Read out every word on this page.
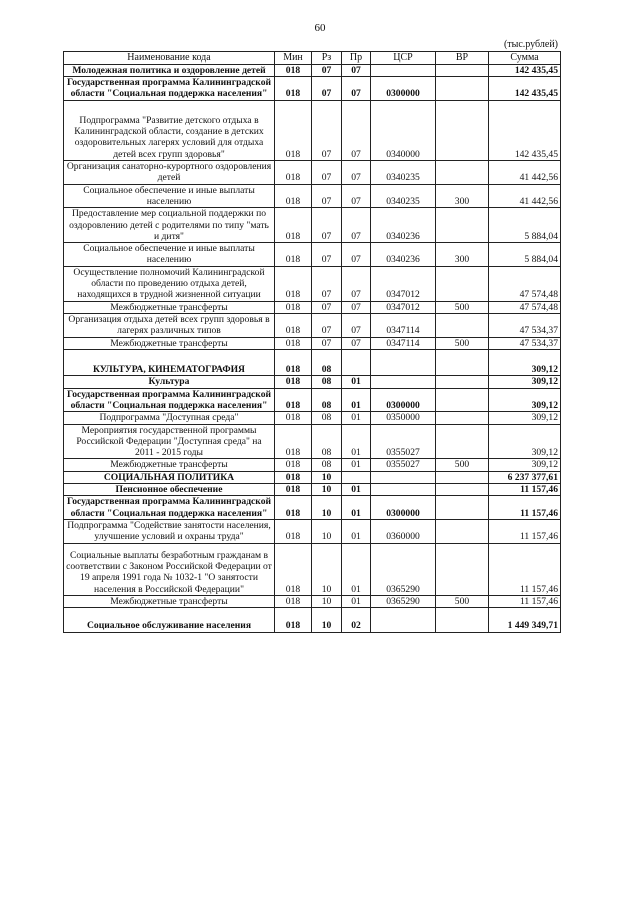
60
(тыс.рублей)
Наименование кода	Мин	Рз	Пр	ЦСР	ВР	Сумма

Молодежная политика и оздоровление детей	018	07	07			142 435,45

Государственная программа Калининградской области "Социальная поддержка населения"	018	07	07	0300000		142 435,45

Подпрограмма "Развитие детского отдыха в Калининградской области, создание в детских оздоровительных лагерях условий для отдыха детей всех групп здоровья"	018	07	07	0340000		142 435,45

Организация санаторно-курортного оздоровления детей	018	07	07	0340235		41 442,56

Социальное обеспечение и иные выплаты населению	018	07	07	0340235	300	41 442,56

Предоставление мер социальной поддержки по оздоровлению детей с родителями по типу "мать и дитя"	018	07	07	0340236		5 884,04

Социальное обеспечение и иные выплаты населению	018	07	07	0340236	300	5 884,04

Осуществление полномочий Калининградской области по проведению отдыха детей, находящихся в трудной жизненной ситуации	018	07	07	0347012		47 574,48

Межбюджетные трансферты	018	07	07	0347012	500	47 574,48

Организация отдыха детей всех групп здоровья в лагерях различных типов	018	07	07	0347114		47 534,37

Межбюджетные трансферты	018	07	07	0347114	500	47 534,37

КУЛЬТУРА, КИНЕМАТОГРАФИЯ	018	08				309,12

Культура	018	08	01			309,12

Государственная программа Калининградской области "Социальная поддержка населения"	018	08	01	0300000		309,12

Подпрограмма "Доступная среда"	018	08	01	0350000		309,12

Мероприятия государственной программы Российской Федерации "Доступная среда" на 2011 - 2015 годы	018	08	01	0355027		309,12

Межбюджетные трансферты	018	08	01	0355027	500	309,12

СОЦИАЛЬНАЯ ПОЛИТИКА	018	10				6 237 377,61

Пенсионное обеспечение	018	10	01			11 157,46

Государственная программа Калининградской области "Социальная поддержка населения"	018	10	01	0300000		11 157,46

Подпрограмма "Содействие занятости населения, улучшение условий и охраны труда"	018	10	01	0360000		11 157,46

Социальные выплаты безработным гражданам в соответствии с Законом Российской Федерации от 19 апреля 1991 года № 1032-1 "О занятости населения в Российской Федерации"	018	10	01	0365290		11 157,46

Межбюджетные трансферты	018	10	01	0365290	500	11 157,46

Социальное обслуживание населения	018	10	02			1 449 349,71
